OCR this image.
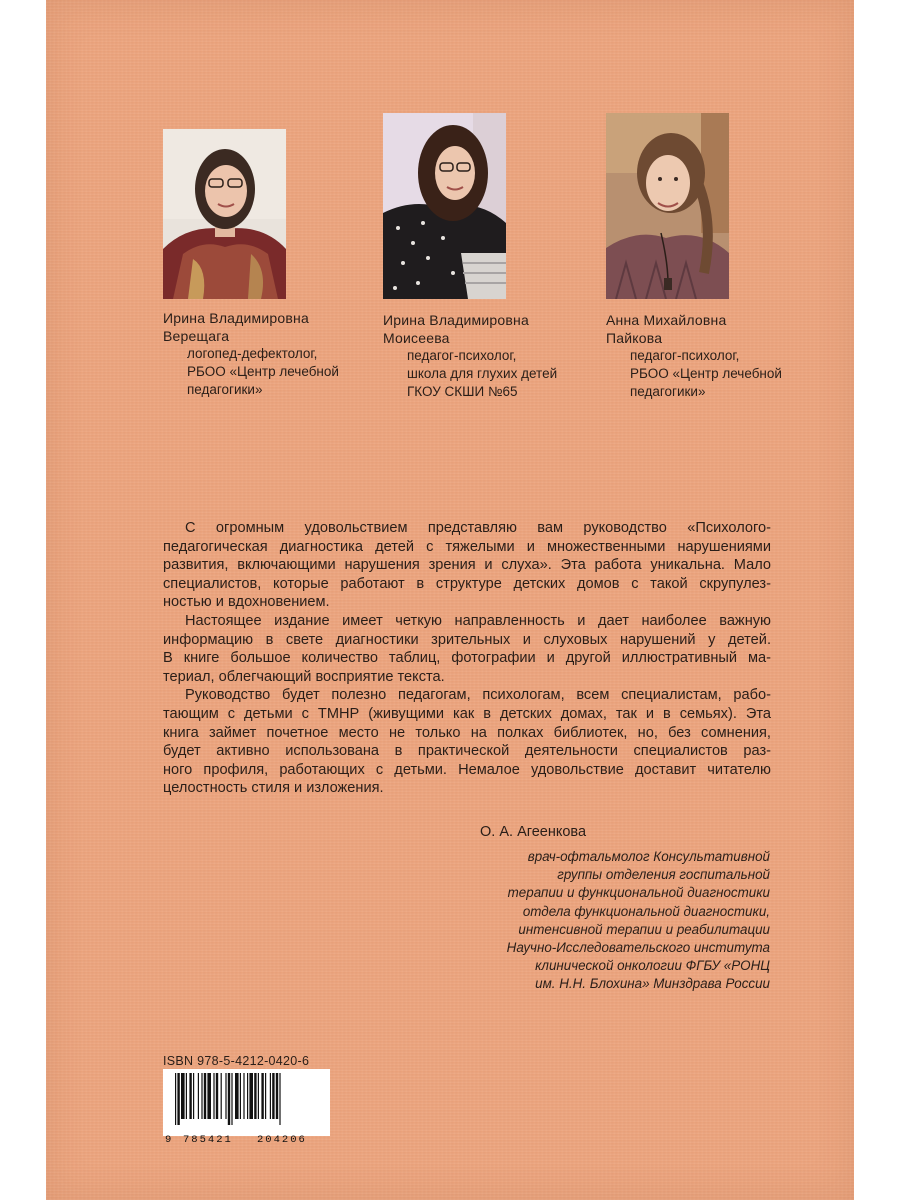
Ирина Владимировна
Верещага
логопед-дефектолог,
РБОО «Центр лечебной
педагогики»
Ирина Владимировна
Моисеева
педагог-психолог,
школа для глухих детей
ГКОУ СКШИ №65
Анна Михайловна
Пайкова
педагог-психолог,
РБОО «Центр лечебной
педагогики»

С огромным удовольствием представляю вам руководство «Психолого-
педагогическая диагностика детей с тяжелыми и множественными нарушениями
развития, включающими нарушения зрения и слуха». Эта работа уникальна. Мало
специалистов, которые работают в структуре детских домов с такой скрупулез-
ностью и вдохновением.

Настоящее издание имеет четкую направленность и дает наиболее важную
информацию в свете диагностики зрительных и слуховых нарушений у детей.
В книге большое количество таблиц, фотографии и другой иллюстративный ма-
териал, облегчающий восприятие текста.

Руководство будет полезно педагогам, психологам, всем специалистам, рабо-
тающим с детьми с ТМНР (живущими как в детских домах, так и в семьях). Эта
книга займет почетное место не только на полках библиотек, но, без сомнения,
будет активно использована в практической деятельности специалистов раз-
ного профиля, работающих с детьми. Немалое удовольствие доставит читателю
целостность стиля и изложения.

О. А. Агеенкова
врач-офтальмолог Консультативной
группы отделения госпитальной
терапии и функциональной диагностики
отдела функциональной диагностики,
интенсивной терапии и реабилитации
Научно-Исследовательского института
клинической онкологии ФГБУ «РОНЦ
им. Н.Н. Блохина» Минздрава России
ISBN 978-5-4212-0420-6
9 785421 204206
